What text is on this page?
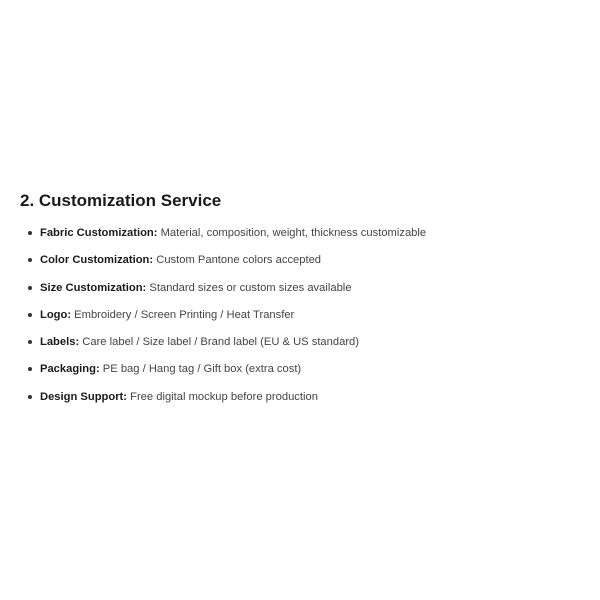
2. Customization Service
Fabric Customization: Material, composition, weight, thickness customizable
Color Customization: Custom Pantone colors accepted
Size Customization: Standard sizes or custom sizes available
Logo: Embroidery / Screen Printing / Heat Transfer
Labels: Care label / Size label / Brand label (EU & US standard)
Packaging: PE bag / Hang tag / Gift box (extra cost)
Design Support: Free digital mockup before production
